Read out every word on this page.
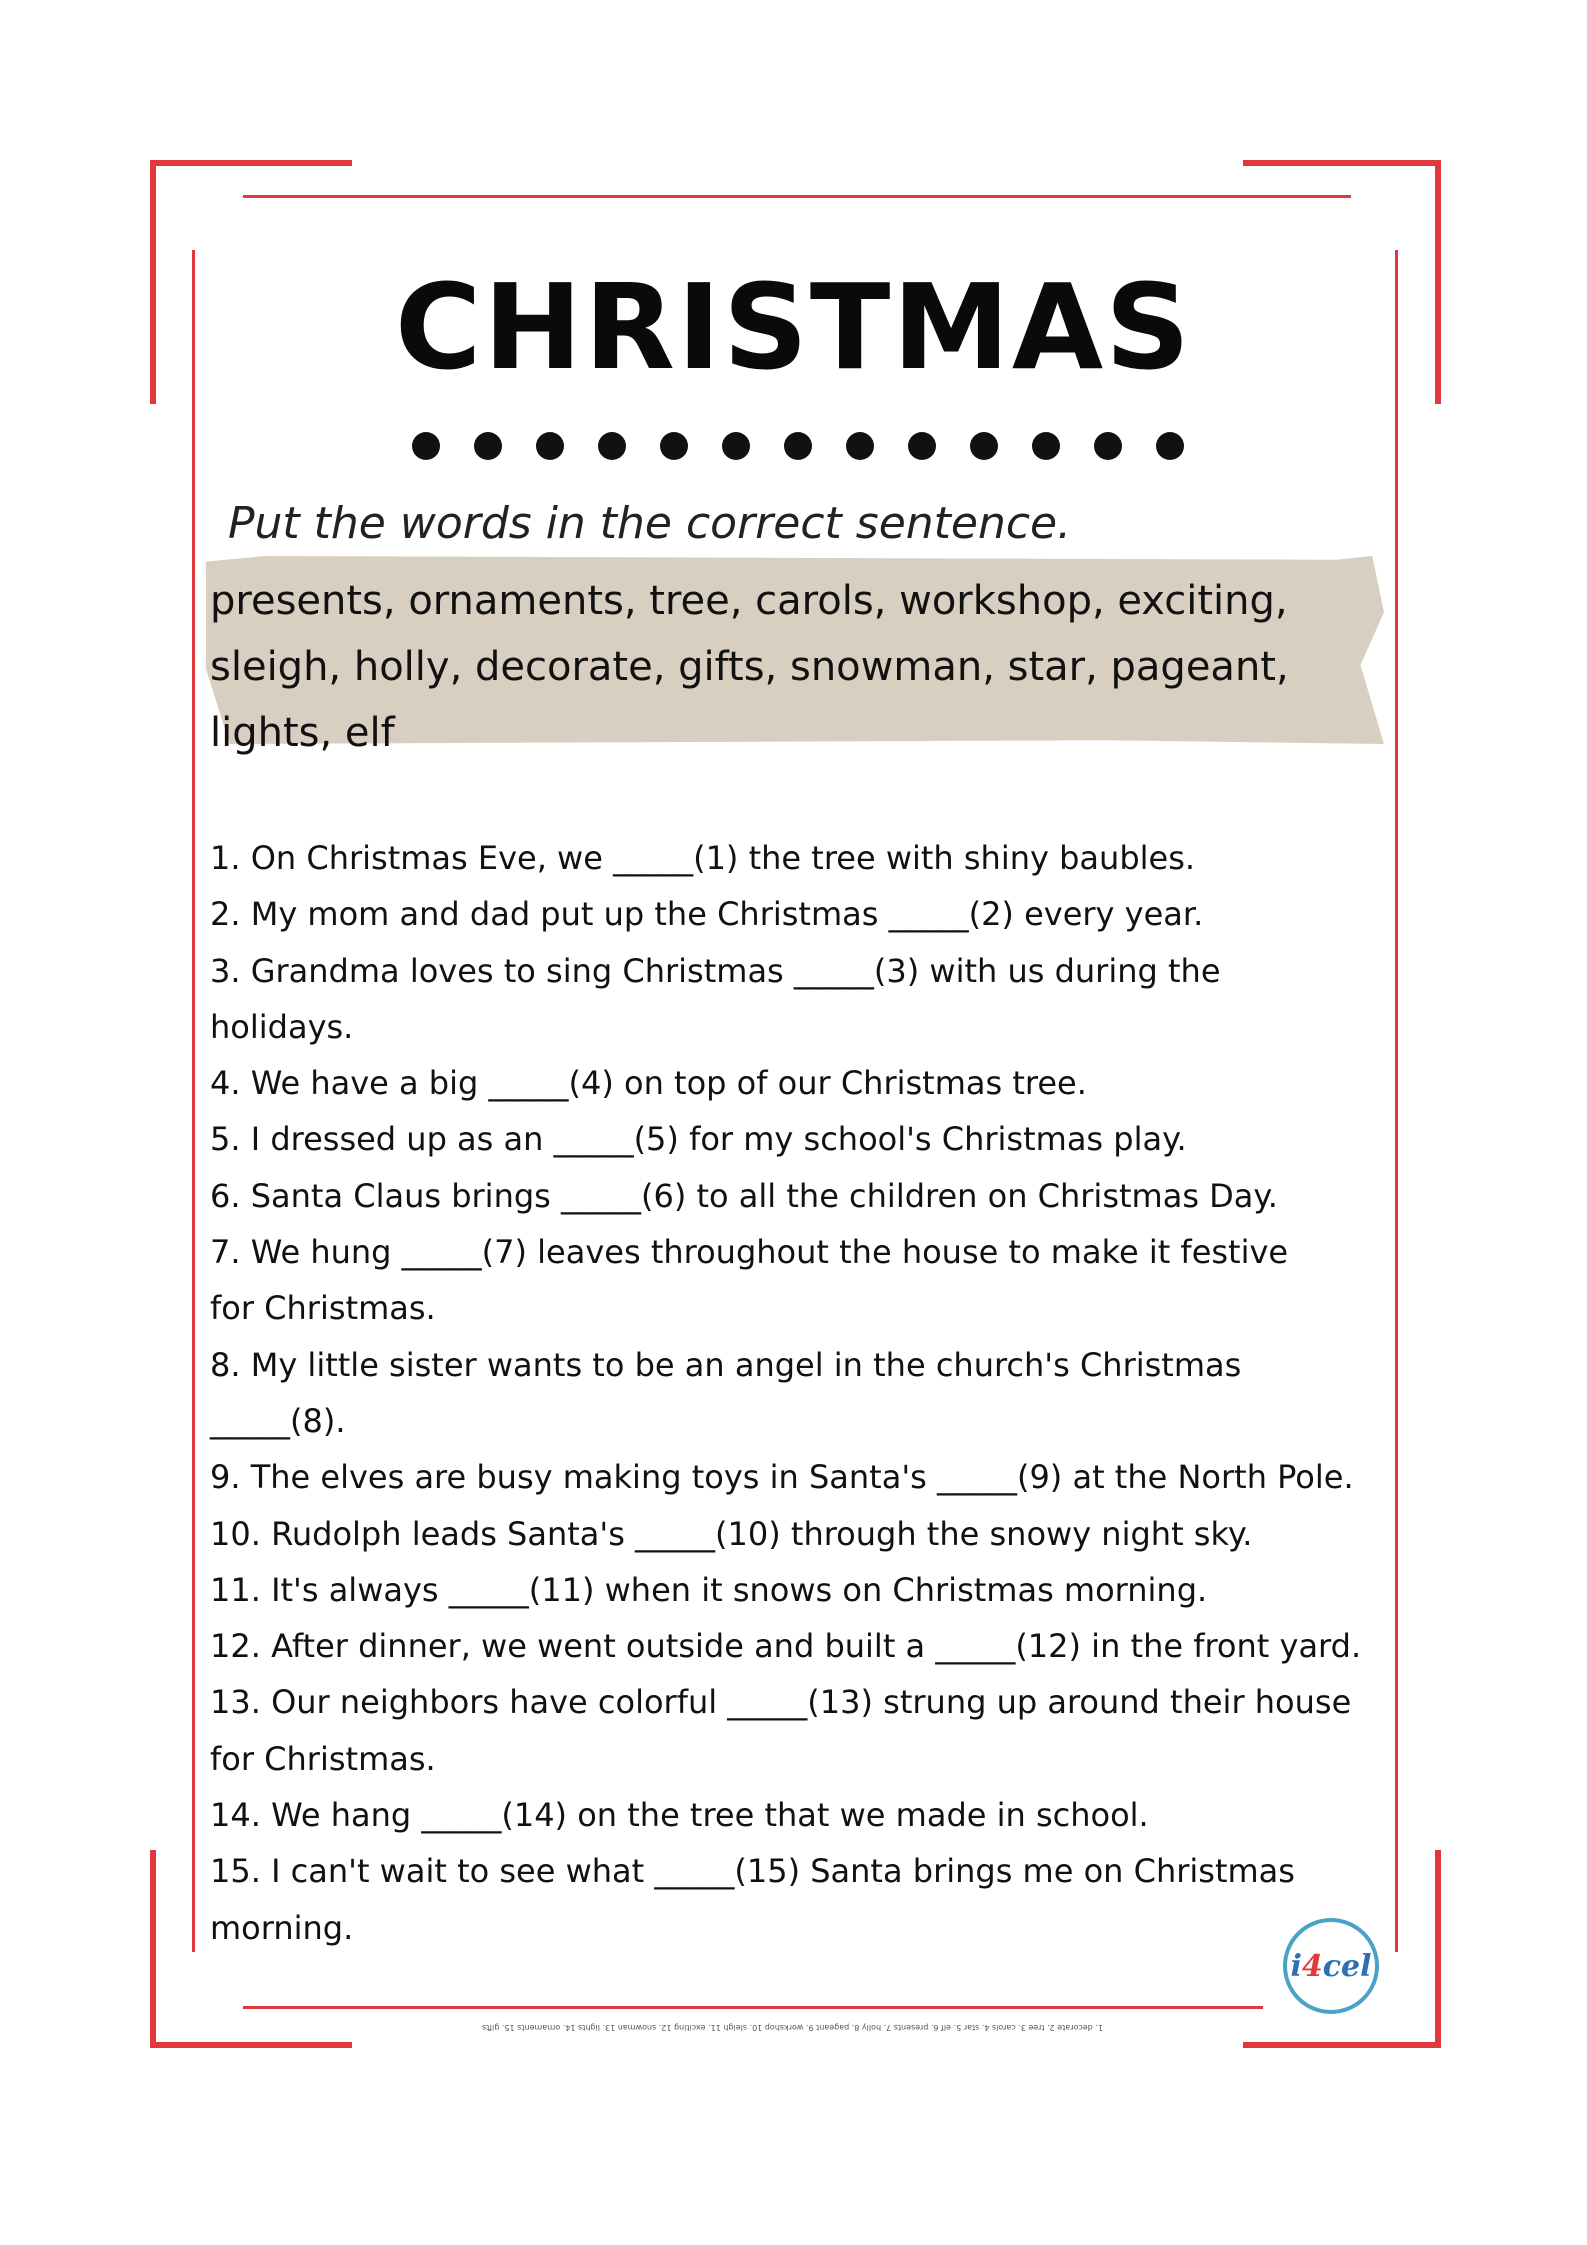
CHRISTMAS
Put the words in the correct sentence.
presents, ornaments, tree, carols, workshop, exciting,
sleigh, holly, decorate, gifts, snowman, star, pageant,
lights, elf
1. On Christmas Eve, we _____(1) the tree with shiny baubles.
2. My mom and dad put up the Christmas _____(2) every year.
3. Grandma loves to sing Christmas _____(3) with us during the
holidays.
4. We have a big _____(4) on top of our Christmas tree.
5. I dressed up as an _____(5) for my school's Christmas play.
6. Santa Claus brings _____(6) to all the children on Christmas Day.
7. We hung _____(7) leaves throughout the house to make it festive
for Christmas.
8. My little sister wants to be an angel in the church's Christmas
_____(8).
9. The elves are busy making toys in Santa's _____(9) at the North Pole.
10. Rudolph leads Santa's _____(10) through the snowy night sky.
11. It's always _____(11) when it snows on Christmas morning.
12. After dinner, we went outside and built a _____(12) in the front yard.
13. Our neighbors have colorful _____(13) strung up around their house
for Christmas.
14. We hang _____(14) on the tree that we made in school.
15. I can't wait to see what _____(15) Santa brings me on Christmas
morning.
i 4 cel
1. decorate 2. tree 3. carols 4. star 5. elf 6. presents 7. holly 8. pageant 9. workshop 10. sleigh 11. exciting 12. snowman 13. lights 14. ornaments 15. gifts
